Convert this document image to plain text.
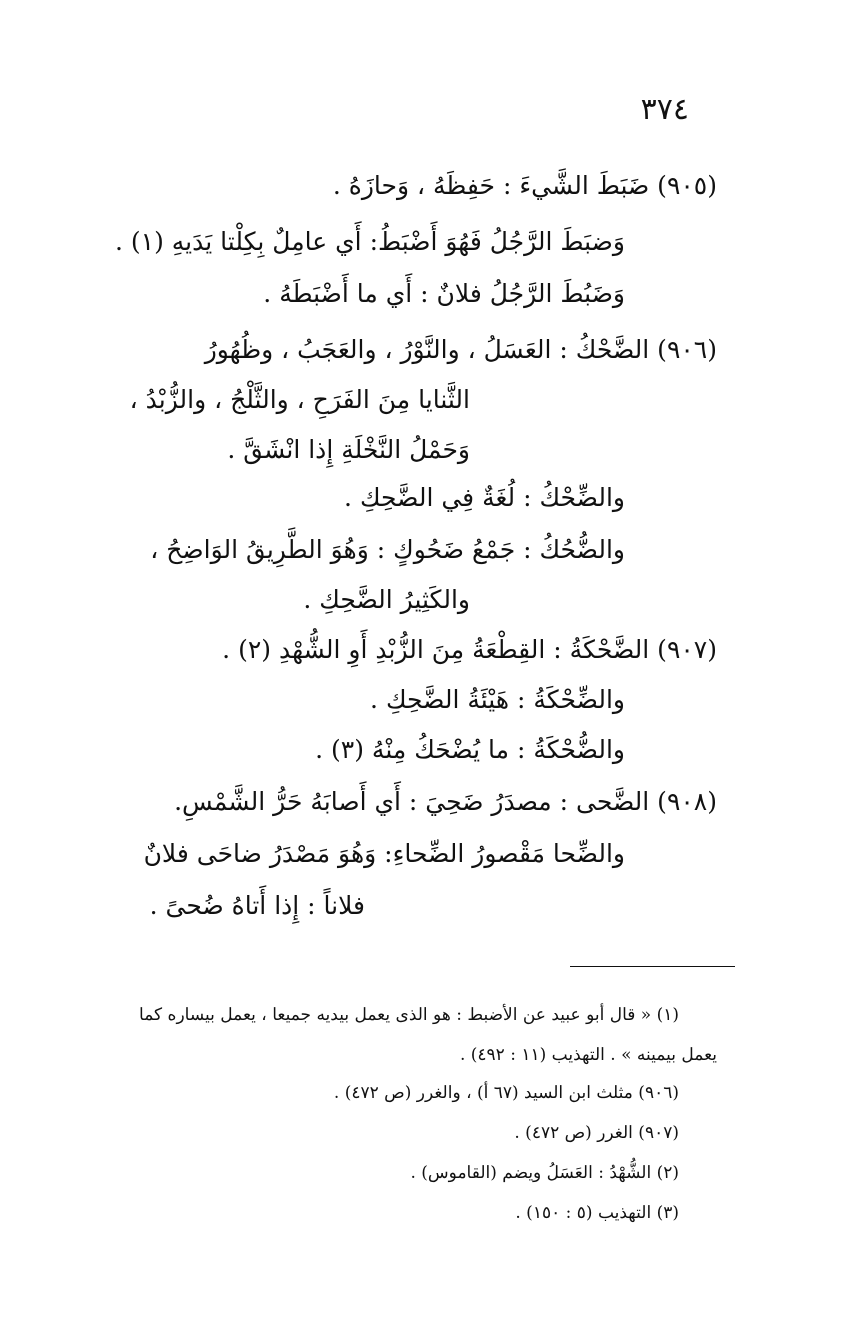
٣٧٤
(٩٠٥) ضَبَطَ الشَّيءَ : حَفِظَهُ ، وَحازَهُ .
وَضبَطَ الرَّجُلُ فَهُوَ أَضْبَطُ: أَي عامِلٌ بِكِلْتا يَدَيهِ (١) .
وَضَبُطَ الرَّجُلُ فلانٌ : أَي ما أَضْبَطَهُ .
(٩٠٦) الضَّحْكُ : العَسَلُ ، والنَّوْرُ ، والعَجَبُ ، وظُهُورُ
الثَّنايا مِنَ الفَرَحِ ، والثَّلْجُ ، والزُّبْدُ ،
وَحَمْلُ النَّخْلَةِ إِذا انْشَقَّ .
والضِّحْكُ : لُغَةٌ فِي الضَّحِكِ .
والضُّحُكُ : جَمْعُ ضَحُوكٍ : وَهُوَ الطَّرِيقُ الوَاضِحُ ،
والكَثِيرُ الضَّحِكِ .
(٩٠٧) الضَّحْكَةُ : القِطْعَةُ مِنَ الزُّبْدِ أَوِ الشُّهْدِ (٢) .
والضِّحْكَةُ : هَيْئَةُ الضَّحِكِ .
والضُّحْكَةُ : ما يُضْحَكُ مِنْهُ (٣) .
(٩٠٨) الضَّحى : مصدَرُ ضَحِيَ : أَي أَصابَهُ حَرُّ الشَّمْسِ.
والضِّحا مَقْصورُ الضِّحاءِ: وَهُوَ مَصْدَرُ ضاحَى فلانٌ
فلاناً : إِذا أَتاهُ ضُحىً .
(١) « قال أبو عبيد عن الأضبط : هو الذى يعمل بيديه جميعا ، يعمل بيساره كما
يعمل بيمينه » . التهذيب (١١ : ٤٩٢) .
(٩٠٦) مثلث ابن السيد (٦٧ أ) ، والغرر (ص ٤٧٢) .
(٩٠٧) الغرر (ص ٤٧٢) .
(٢) الشُّهْدُ : العَسَلُ ويضم (القاموس) .
(٣) التهذيب (٥ : ١٥٠) .
